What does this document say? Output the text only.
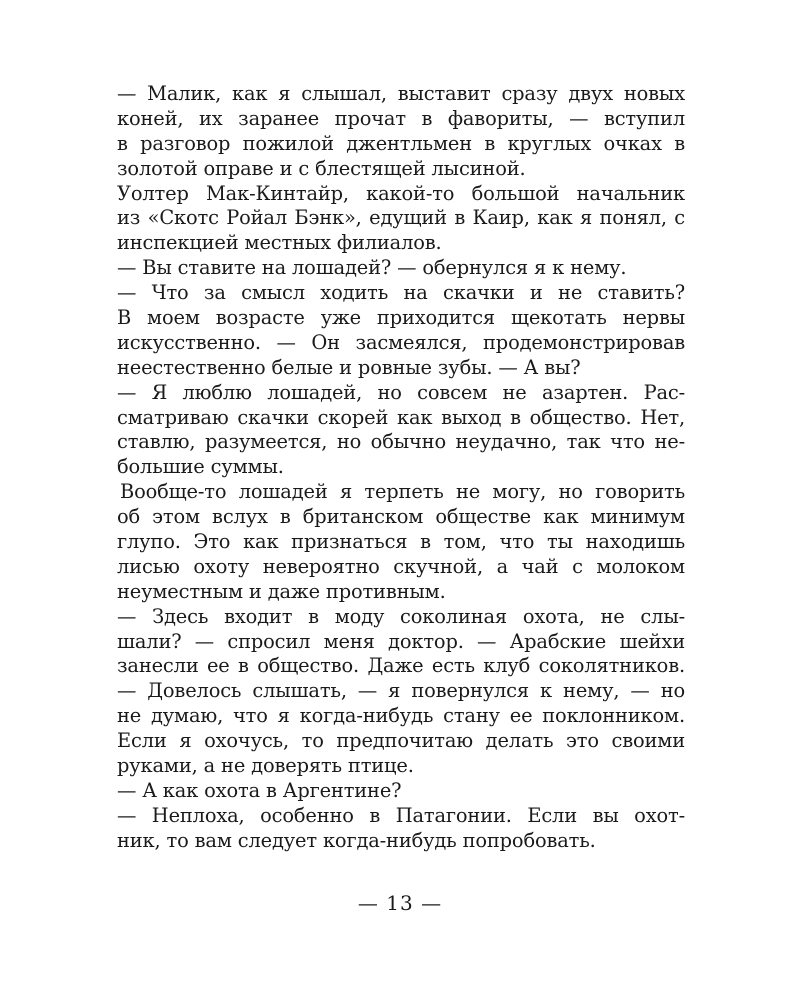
— Малик, как я слышал, выставит сразу двух новых
коней, их заранее прочат в фавориты, — вступил
в разговор пожилой джентльмен в круглых очках в
золотой оправе и с блестящей лысиной.
Уолтер Мак-Кинтайр, какой-то большой начальник
из «Скотс Ройал Бэнк», едущий в Каир, как я понял, с
инспекцией местных филиалов.
— Вы ставите на лошадей? — обернулся я к нему.
— Что за смысл ходить на скачки и не ставить?
В моем возрасте уже приходится щекотать нервы
искусственно. — Он засмеялся, продемонстрировав
неестественно белые и ровные зубы. — А вы?
— Я люблю лошадей, но совсем не азартен. Рас-
сматриваю скачки скорей как выход в общество. Нет,
ставлю, разумеется, но обычно неудачно, так что не-
большие суммы.
Вообще-то лошадей я терпеть не могу, но говорить
об этом вслух в британском обществе как минимум
глупо. Это как признаться в том, что ты находишь
лисью охоту невероятно скучной, а чай с молоком
неуместным и даже противным.
— Здесь входит в моду соколиная охота, не слы-
шали? — спросил меня доктор. — Арабские шейхи
занесли ее в общество. Даже есть клуб соколятников.
— Довелось слышать, — я повернулся к нему, — но
не думаю, что я когда-нибудь стану ее поклонником.
Если я охочусь, то предпочитаю делать это своими
руками, а не доверять птице.
— А как охота в Аргентине?
— Неплоха, особенно в Патагонии. Если вы охот-
ник, то вам следует когда-нибудь попробовать.
— 13 —
